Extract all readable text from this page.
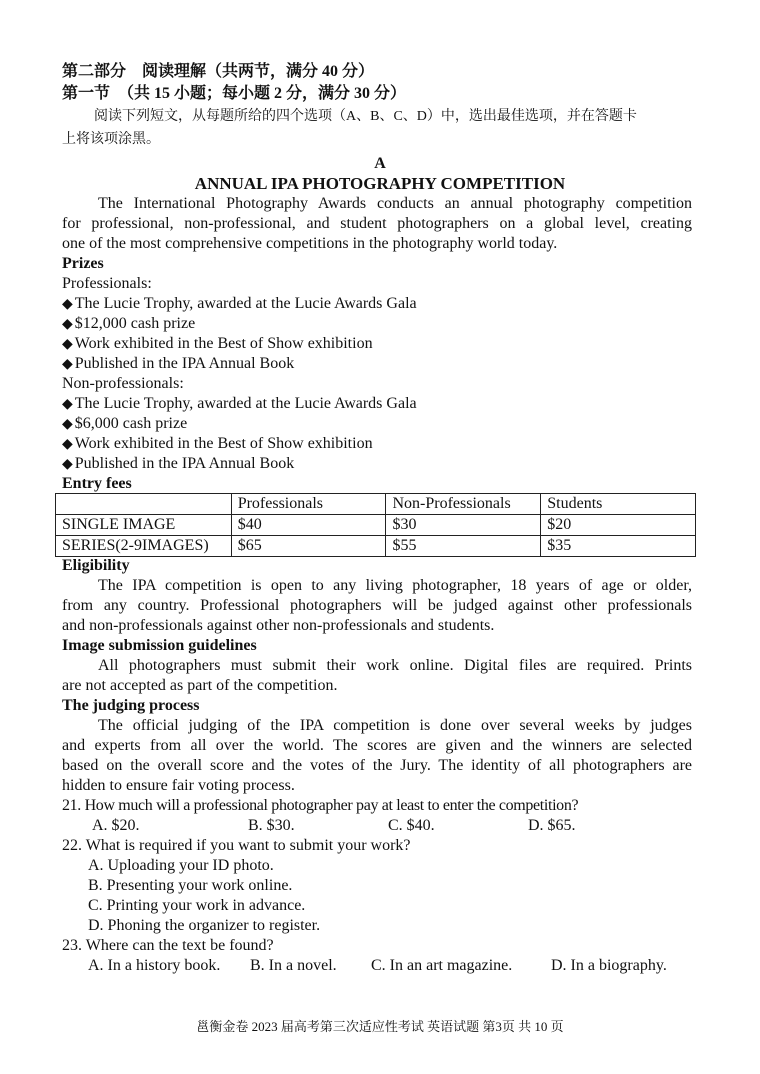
第二部分　阅读理解（共两节，满分 40 分）
第一节　（共 15 小题；每小题 2 分，满分 30 分）
阅读下列短文，从每题所给的四个选项（A、B、C、D）中，选出最佳选项，并在答题卡
上将该项涂黑。
A
ANNUAL IPA PHOTOGRAPHY COMPETITION
The International Photography Awards conducts an annual photography competition
for professional, non-professional, and student photographers on a global level, creating
one of the most comprehensive competitions in the photography world today.
Prizes
Professionals:
◆ The Lucie Trophy, awarded at the Lucie Awards Gala
◆ $12,000 cash prize
◆ Work exhibited in the Best of Show exhibition
◆ Published in the IPA Annual Book
Non-professionals:
◆ The Lucie Trophy, awarded at the Lucie Awards Gala
◆ $6,000 cash prize
◆ Work exhibited in the Best of Show exhibition
◆ Published in the IPA Annual Book
Entry fees
	Professionals	Non-Professionals	Students
SINGLE IMAGE	$40	$30	$20
SERIES(2-9IMAGES)	$65	$55	$35
Eligibility
The IPA competition is open to any living photographer, 18 years of age or older,
from any country. Professional photographers will be judged against other professionals
and non-professionals against other non-professionals and students.
Image submission guidelines
All photographers must submit their work online. Digital files are required. Prints
are not accepted as part of the competition.
The judging process
The official judging of the IPA competition is done over several weeks by judges
and experts from all over the world. The scores are given and the winners are selected
based on the overall score and the votes of the Jury. The identity of all photographers are
hidden to ensure fair voting process.
21. How much will a professional photographer pay at least to enter the competition?
A. $20.	B. $30.	C. $40.	D. $65.
22. What is required if you want to submit your work?
A. Uploading your ID photo.
B. Presenting your work online.
C. Printing your work in advance.
D. Phoning the organizer to register.
23. Where can the text be found?
A. In a history book. B. In a novel. C. In an art magazine. D. In a biography.
邕衡金卷 2023 届高考第三次适应性考试 英语试题 第3页 共 10 页
